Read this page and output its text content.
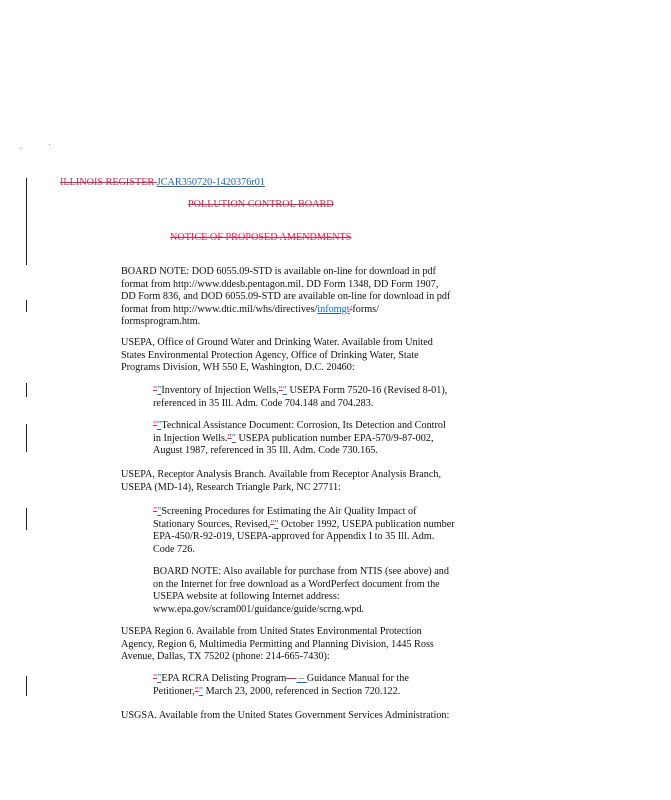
ILLINOIS REGISTER JCAR350720-1420376r01
POLLUTION CONTROL BOARD
NOTICE OF PROPOSED AMENDMENTS
BOARD NOTE: DOD 6055.09-STD is available on-line for download in pdf
format from http://www.ddesb.pentagon.mil. DD Form 1348, DD Form 1907,
DD Form 836, and DOD 6055.09-STD are available on-line for download in pdf
format from http://www.dtic.mil/whs/directives/infomgt/forms/
formsprogram.htm.
USEPA, Office of Ground Water and Drinking Water. Available from United
States Environmental Protection Agency, Office of Drinking Water, State
Programs Division, WH 550 E, Washington, D.C. 20460:
""Inventory of Injection Wells,"" USEPA Form 7520-16 (Revised 8-01),
referenced in 35 Ill. Adm. Code 704.148 and 704.283.
""Technical Assistance Document: Corrosion, Its Detection and Control
in Injection Wells."" USEPA publication number EPA-570/9-87-002,
August 1987, referenced in 35 Ill. Adm. Code 730.165.
USEPA, Receptor Analysis Branch. Available from Receptor Analysis Branch,
USEPA (MD-14), Research Triangle Park, NC 27711:
""Screening Procedures for Estimating the Air Quality Impact of
Stationary Sources, Revised,"" October 1992, USEPA publication number
EPA-450/R-92-019, USEPA-approved for Appendix I to 35 Ill. Adm.
Code 726.
BOARD NOTE: Also available for purchase from NTIS (see above) and
on the Internet for free download as a WordPerfect document from the
USEPA website at following Internet address:
www.epa.gov/scram001/guidance/guide/scrng.wpd.
USEPA Region 6. Available from United States Environmental Protection
Agency, Region 6, Multimedia Permitting and Planning Division, 1445 Ross
Avenue, Dallas, TX 75202 (phone: 214-665-7430):
""EPA RCRA Delisting Program— – Guidance Manual for the
Petitioner,"" March 23, 2000, referenced in Section 720.122.
USGSA. Available from the United States Government Services Administration:
